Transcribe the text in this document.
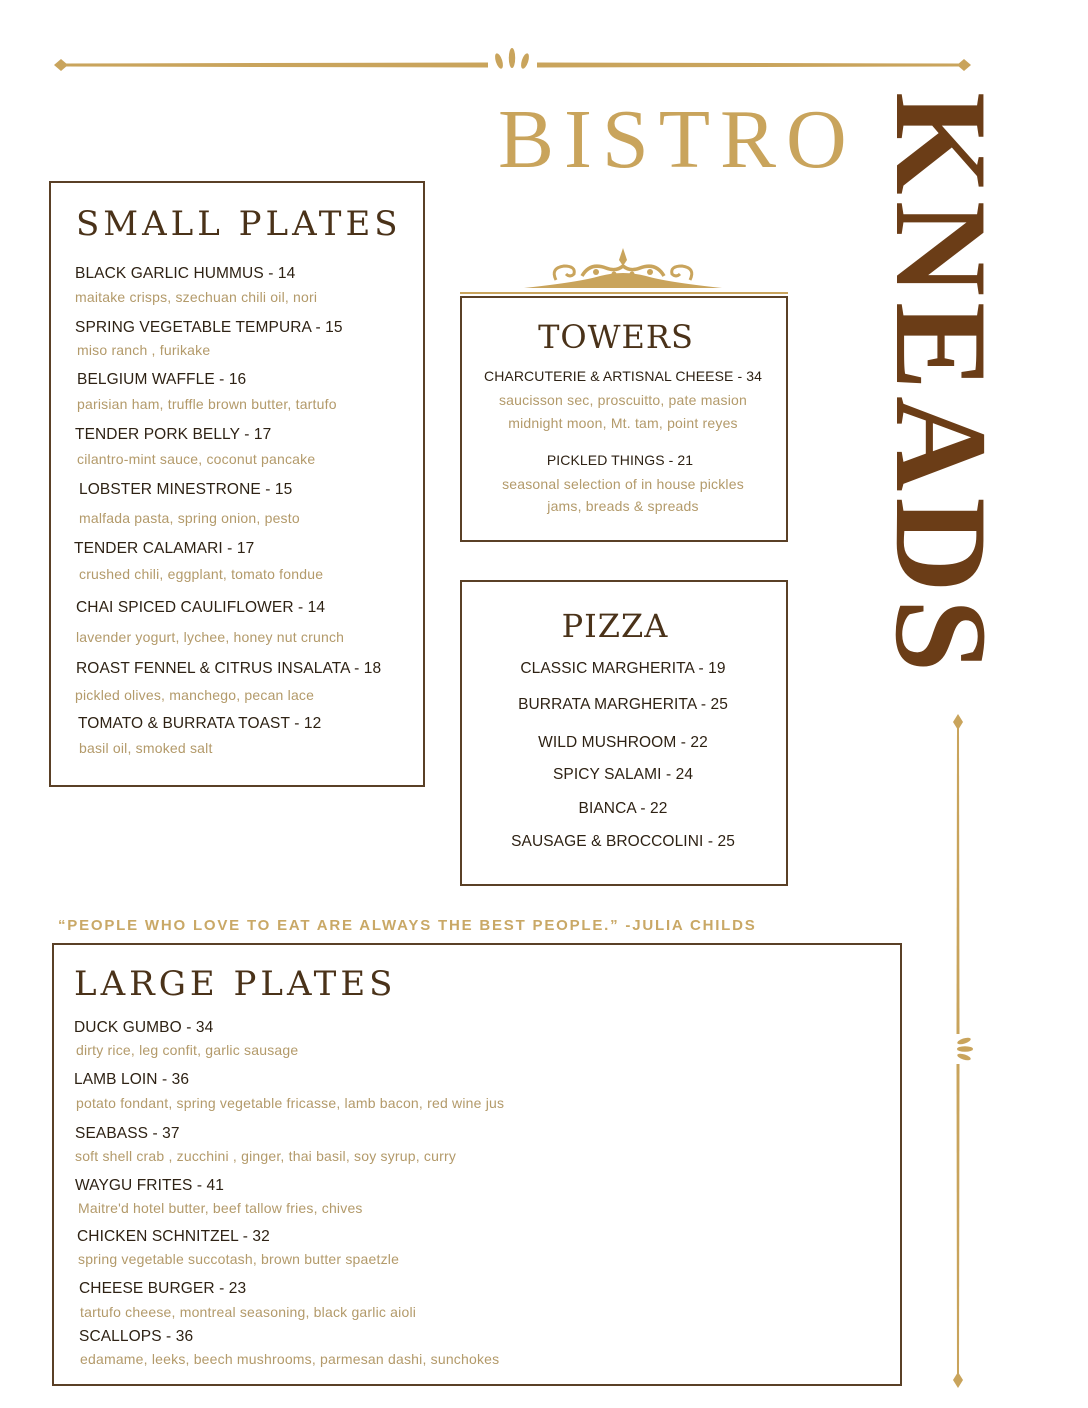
BISTRO KNEADS
SMALL PLATES
BLACK GARLIC HUMMUS - 14
maitake crisps, szechuan chili oil, nori
SPRING VEGETABLE TEMPURA - 15
miso ranch , furikake
BELGIUM WAFFLE - 16
parisian ham, truffle brown butter, tartufo
TENDER PORK BELLY - 17
cilantro-mint sauce, coconut pancake
LOBSTER MINESTRONE - 15
malfada pasta, spring onion, pesto
TENDER CALAMARI - 17
crushed chili, eggplant, tomato fondue
CHAI SPICED CAULIFLOWER - 14
lavender yogurt, lychee, honey nut crunch
ROAST FENNEL & CITRUS INSALATA - 18
pickled olives, manchego, pecan lace
TOMATO & BURRATA TOAST - 12
basil oil, smoked salt
TOWERS
CHARCUTERIE & ARTISNAL CHEESE - 34
saucisson sec, proscuitto, pate masion
midnight moon, Mt. tam, point reyes
PICKLED THINGS - 21
seasonal selection of in house pickles
jams, breads & spreads
PIZZA
CLASSIC MARGHERITA - 19
BURRATA MARGHERITA - 25
WILD MUSHROOM - 22
SPICY SALAMI - 24
BIANCA - 22
SAUSAGE & BROCCOLINI - 25
“PEOPLE WHO LOVE TO EAT ARE ALWAYS THE BEST PEOPLE.” -JULIA CHILDS
LARGE PLATES
DUCK GUMBO - 34
dirty rice, leg confit, garlic sausage
LAMB LOIN - 36
potato fondant, spring vegetable fricasse, lamb bacon, red wine jus
SEABASS - 37
soft shell crab , zucchini , ginger, thai basil, soy syrup, curry
WAYGU FRITES - 41
Maitre'd hotel butter, beef tallow fries, chives
CHICKEN SCHNITZEL - 32
spring vegetable succotash, brown butter spaetzle
CHEESE BURGER - 23
tartufo cheese, montreal seasoning, black garlic aioli
SCALLOPS - 36
edamame, leeks, beech mushrooms, parmesan dashi, sunchokes
